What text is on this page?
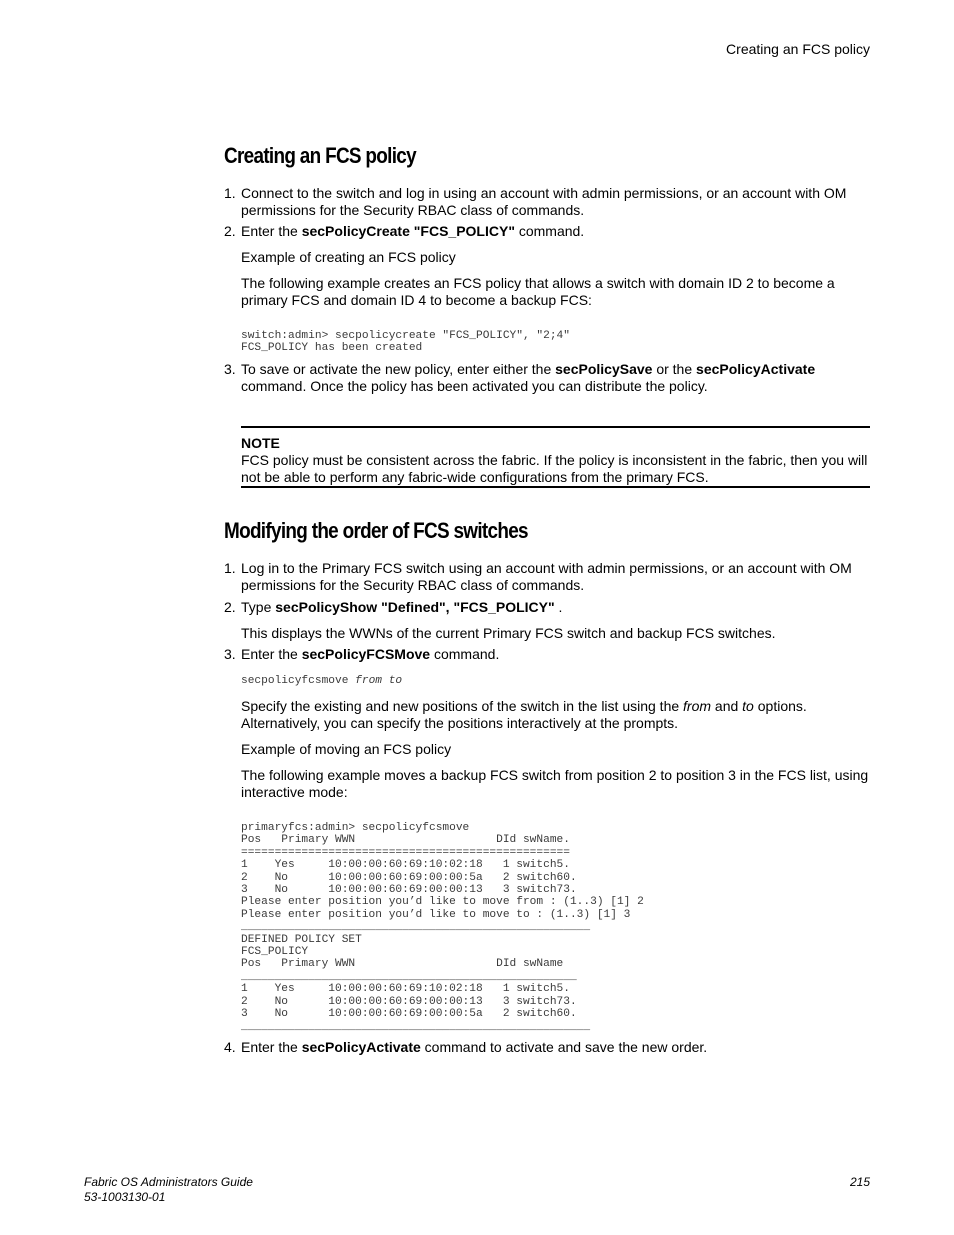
Creating an FCS policy
Creating an FCS policy
1. Connect to the switch and log in using an account with admin permissions, or an account with OM permissions for the Security RBAC class of commands.
2. Enter the secPolicyCreate "FCS_POLICY" command.
Example of creating an FCS policy
The following example creates an FCS policy that allows a switch with domain ID 2 to become a primary FCS and domain ID 4 to become a backup FCS:
switch:admin> secpolicycreate "FCS_POLICY", "2;4"
FCS_POLICY has been created
3. To save or activate the new policy, enter either the secPolicySave or the secPolicyActivate command. Once the policy has been activated you can distribute the policy.
NOTE
FCS policy must be consistent across the fabric. If the policy is inconsistent in the fabric, then you will not be able to perform any fabric-wide configurations from the primary FCS.
Modifying the order of FCS switches
1. Log in to the Primary FCS switch using an account with admin permissions, or an account with OM permissions for the Security RBAC class of commands.
2. Type secPolicyShow "Defined", "FCS_POLICY" .
This displays the WWNs of the current Primary FCS switch and backup FCS switches.
3. Enter the secPolicyFCSMove command.
secpolicyfcsmove from to
Specify the existing and new positions of the switch in the list using the from and to options. Alternatively, you can specify the positions interactively at the prompts.
Example of moving an FCS policy
The following example moves a backup FCS switch from position 2 to position 3 in the FCS list, using interactive mode:
primaryfcs:admin> secpolicyfcsmove
Pos   Primary WWN                     DId swName.
=================================================
1    Yes     10:00:00:60:69:10:02:18   1 switch5.
2    No      10:00:00:60:69:00:00:5a   2 switch60.
3    No      10:00:00:60:69:00:00:13   3 switch73.
Please enter position you’d like to move from : (1..3) [1] 2
Please enter position you’d like to move to : (1..3) [1] 3
____________________________________________________
DEFINED POLICY SET
FCS_POLICY
Pos   Primary WWN                     DId swName
__________________________________________________
1    Yes     10:00:00:60:69:10:02:18   1 switch5.
2    No      10:00:00:60:69:00:00:13   3 switch73.
3    No      10:00:00:60:69:00:00:5a   2 switch60.
____________________________________________________
4. Enter the secPolicyActivate command to activate and save the new order.
Fabric OS Administrators Guide
53-1003130-01
215
